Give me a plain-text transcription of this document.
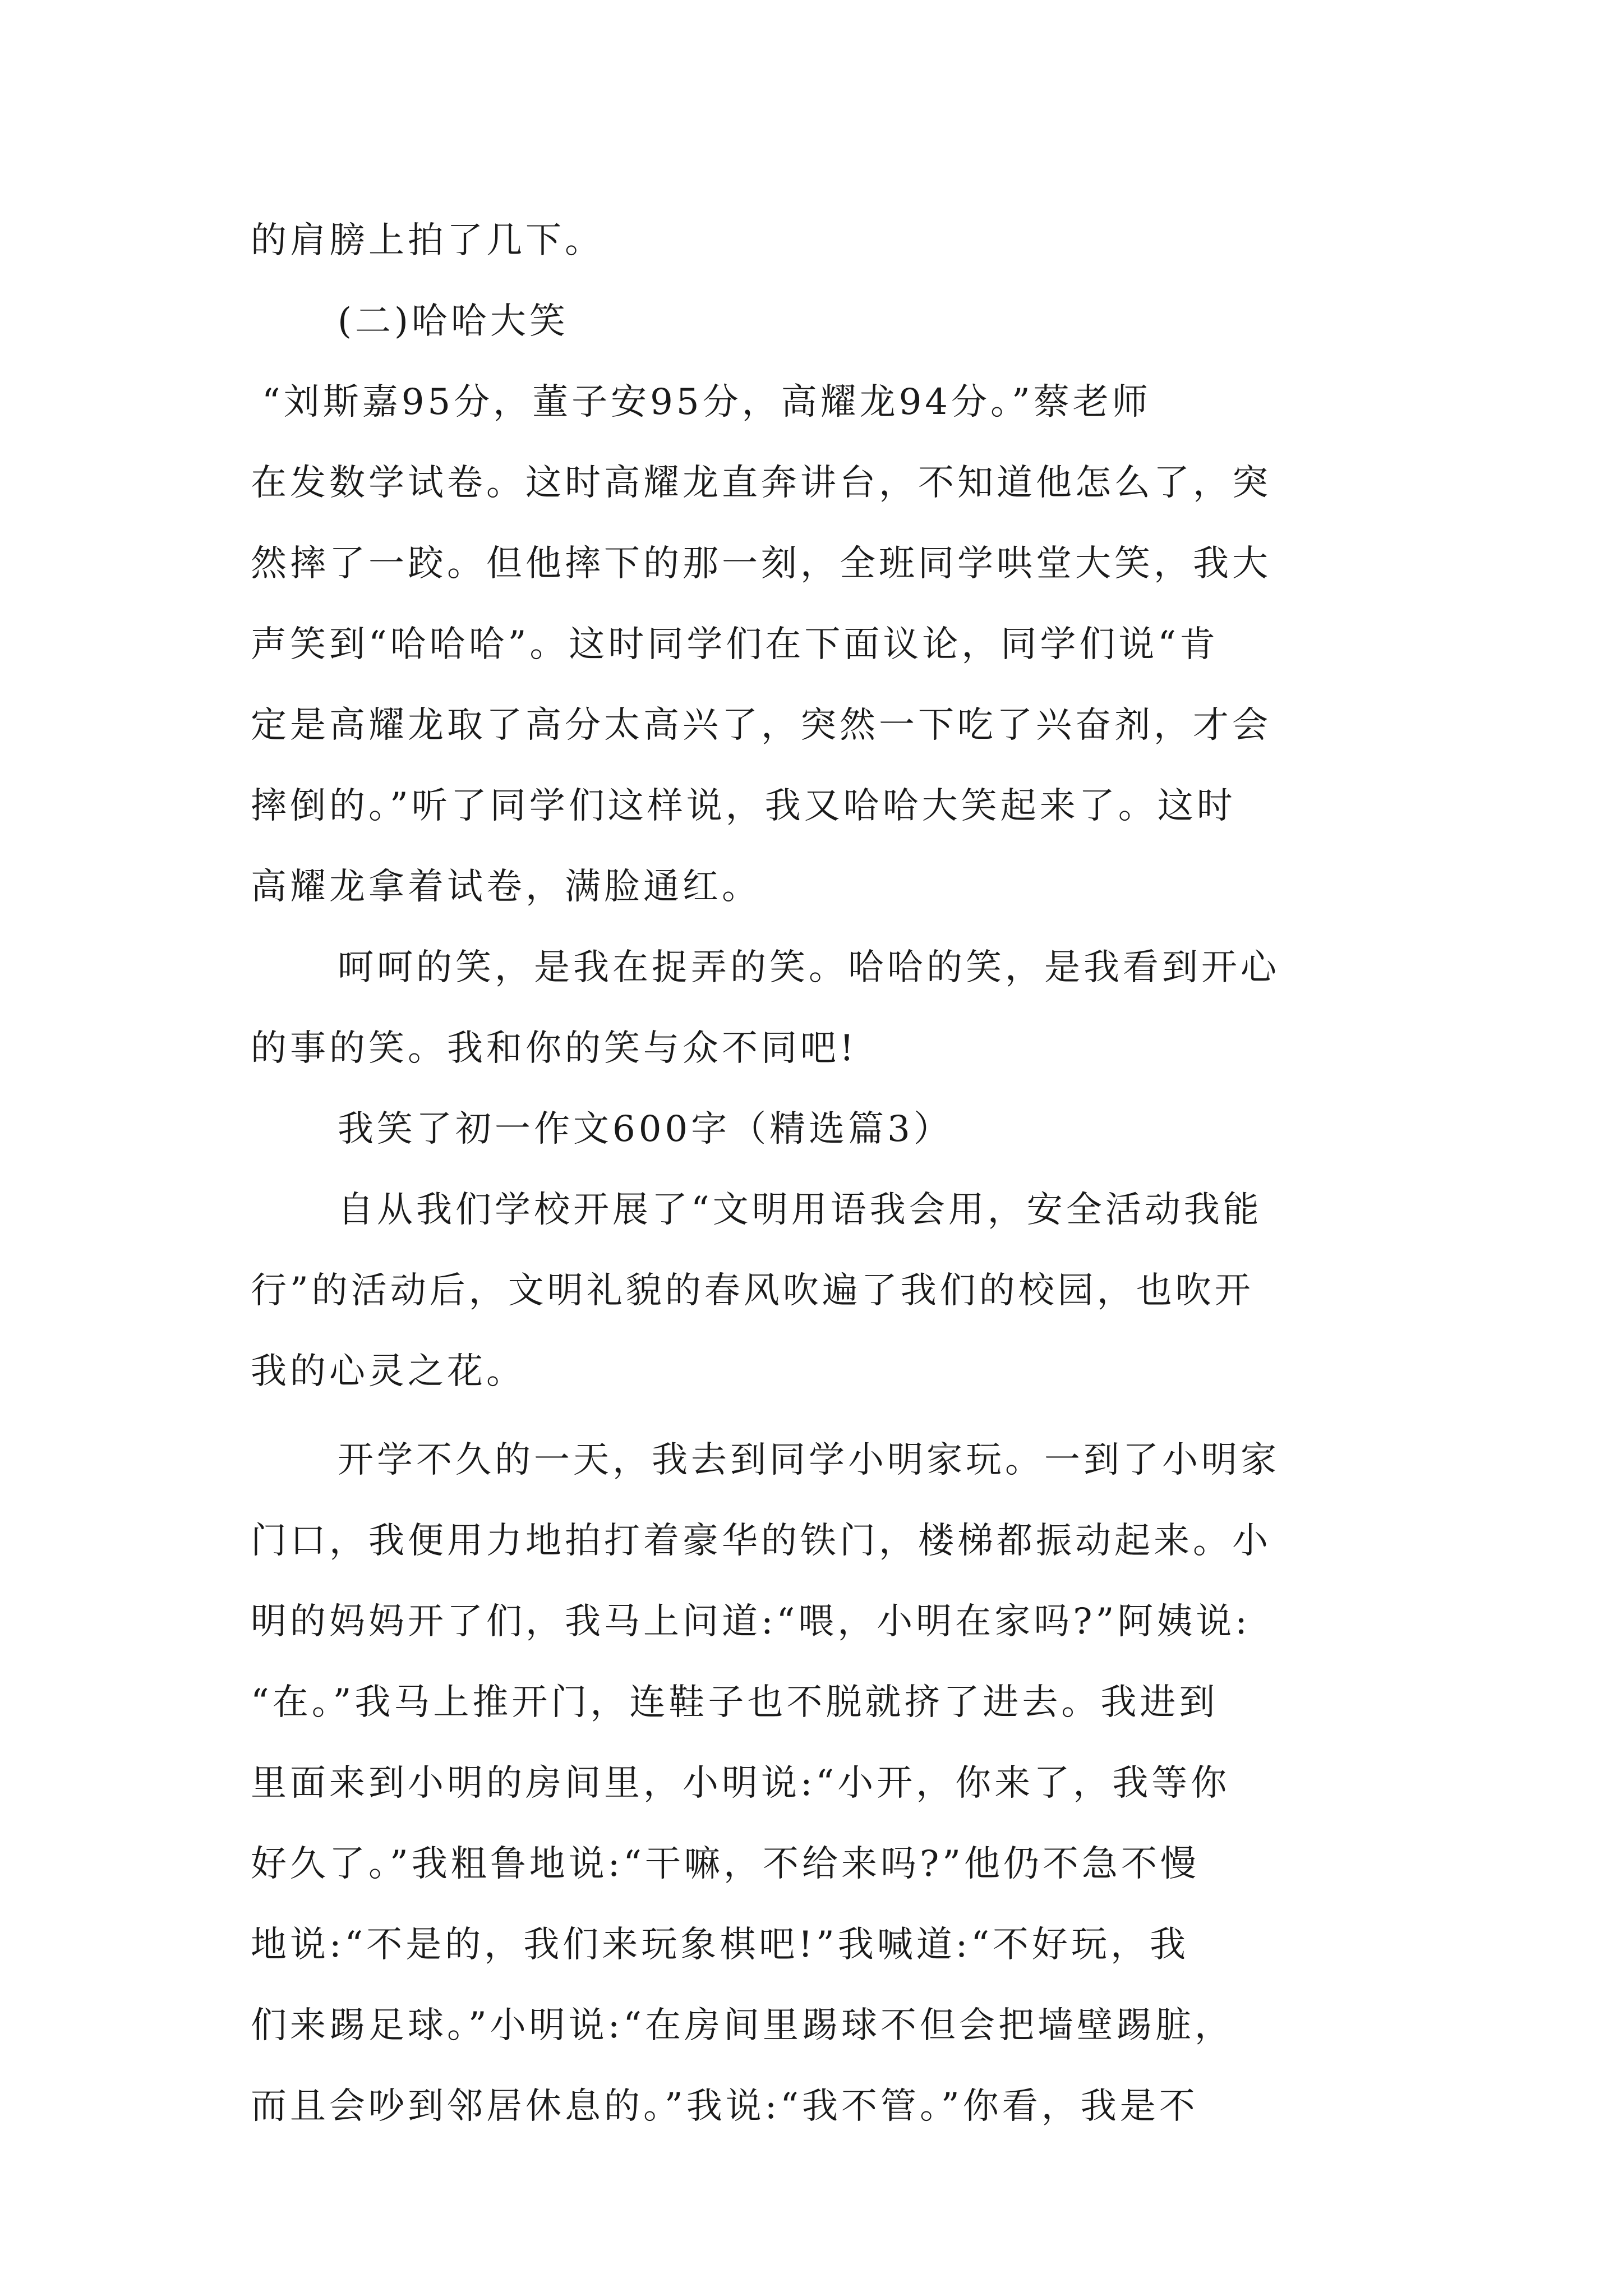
的肩膀上拍了几下。
(二)哈哈大笑
“刘斯嘉95分，董子安95分，高耀龙94分。”蔡老师
在发数学试卷。这时高耀龙直奔讲台，不知道他怎么了，突
然摔了一跤。但他摔下的那一刻，全班同学哄堂大笑，我大
声笑到“哈哈哈”。这时同学们在下面议论，同学们说“肯
定是高耀龙取了高分太高兴了，突然一下吃了兴奋剂，才会
摔倒的。”听了同学们这样说，我又哈哈大笑起来了。这时
高耀龙拿着试卷，满脸通红。
呵呵的笑，是我在捉弄的笑。哈哈的笑，是我看到开心
的事的笑。我和你的笑与众不同吧!
我笑了初一作文600字（精选篇3）
自从我们学校开展了“文明用语我会用，安全活动我能
行”的活动后，文明礼貌的春风吹遍了我们的校园，也吹开
我的心灵之花。
开学不久的一天，我去到同学小明家玩。一到了小明家
门口，我便用力地拍打着豪华的铁门，楼梯都振动起来。小
明的妈妈开了们，我马上问道:“喂，小明在家吗?”阿姨说:
“在。”我马上推开门，连鞋子也不脱就挤了进去。我进到
里面来到小明的房间里，小明说:“小开，你来了，我等你
好久了。”我粗鲁地说:“干嘛，不给来吗?”他仍不急不慢
地说:“不是的，我们来玩象棋吧!”我喊道:“不好玩，我
们来踢足球。”小明说:“在房间里踢球不但会把墙壁踢脏，
而且会吵到邻居休息的。”我说:“我不管。”你看，我是不
